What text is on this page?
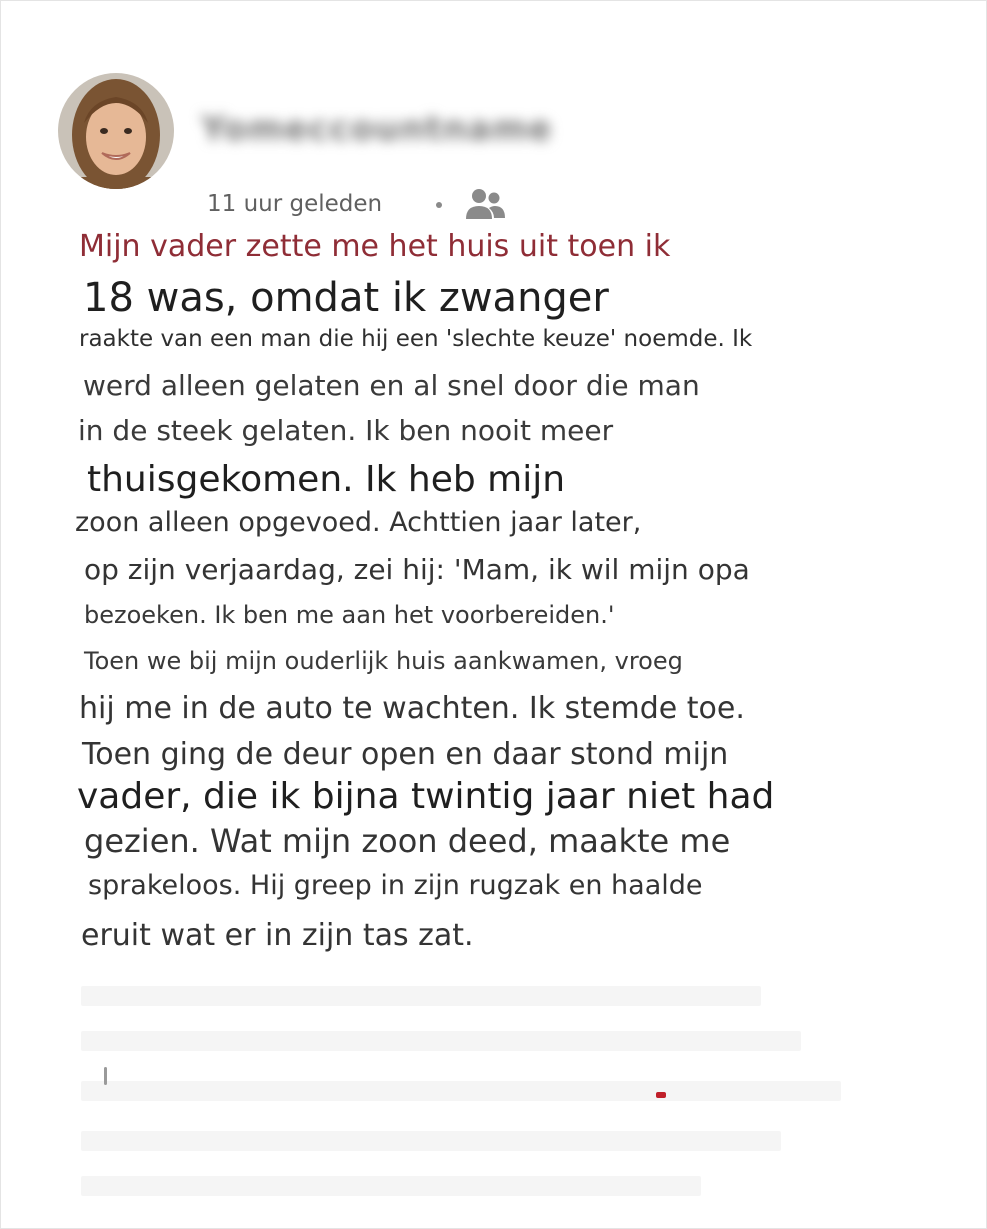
Yomeccountname
11 uur geleden
Mijn vader zette me het huis uit toen ik
18 was, omdat ik zwanger
raakte van een man die hij een 'slechte keuze' noemde. Ik
werd alleen gelaten en al snel door die man
in de steek gelaten. Ik ben nooit meer
thuisgekomen. Ik heb mijn
zoon alleen opgevoed. Achttien jaar later,
op zijn verjaardag, zei hij: 'Mam, ik wil mijn opa
bezoeken. Ik ben me aan het voorbereiden.'
Toen we bij mijn ouderlijk huis aankwamen, vroeg
hij me in de auto te wachten. Ik stemde toe.
Toen ging de deur open en daar stond mijn
vader, die ik bijna twintig jaar niet had
gezien. Wat mijn zoon deed, maakte me
sprakeloos. Hij greep in zijn rugzak en haalde
eruit wat er in zijn tas zat.
